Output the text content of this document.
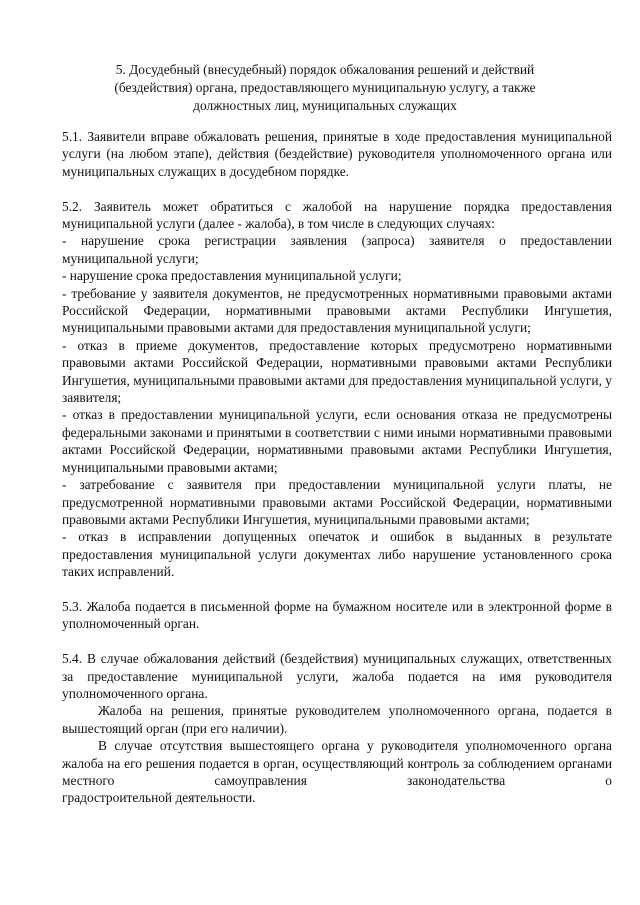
5. Досудебный (внесудебный) порядок обжалования решений и действий
(бездействия) органа, предоставляющего муниципальную услугу, а также
должностных лиц, муниципальных служащих

5.1. Заявители вправе обжаловать решения, принятые в ходе предоставления муниципальной услуги (на любом этапе), действия (бездействие) руководителя уполномоченного органа или муниципальных служащих в досудебном порядке.

5.2. Заявитель может обратиться с жалобой на нарушение порядка предоставления муниципальной услуги (далее - жалоба), в том числе в следующих случаях:

- нарушение срока регистрации заявления (запроса) заявителя о предоставлении муниципальной услуги;

- нарушение срока предоставления муниципальной услуги;

- требование у заявителя документов, не предусмотренных нормативными правовыми актами Российской Федерации, нормативными правовыми актами Республики Ингушетия, муниципальными правовыми актами для предоставления муниципальной услуги;

- отказ в приеме документов, предоставление которых предусмотрено нормативными правовыми актами Российской Федерации, нормативными правовыми актами Республики Ингушетия, муниципальными правовыми актами для предоставления муниципальной услуги, у заявителя;

- отказ в предоставлении муниципальной услуги, если основания отказа не предусмотрены федеральными законами и принятыми в соответствии с ними иными нормативными правовыми актами Российской Федерации, нормативными правовыми актами Республики Ингушетия, муниципальными правовыми актами;

- затребование с заявителя при предоставлении муниципальной услуги платы, не предусмотренной нормативными правовыми актами Российской Федерации, нормативными правовыми актами Республики Ингушетия, муниципальными правовыми актами;

- отказ в исправлении допущенных опечаток и ошибок в выданных в результате предоставления муниципальной услуги документах либо нарушение установленного срока таких исправлений.

5.3. Жалоба подается в письменной форме на бумажном носителе или в электронной форме в уполномоченный орган.

5.4. В случае обжалования действий (бездействия) муниципальных служащих, ответственных за предоставление муниципальной услуги, жалоба подается на имя руководителя уполномоченного органа.

Жалоба на решения, принятые руководителем уполномоченного органа, подается в вышестоящий орган (при его наличии).

В случае отсутствия вышестоящего органа у руководителя уполномоченного органа жалоба на его решения подается в орган, осуществляющий контроль за соблюдением органами местного самоуправления законодательства о

градостроительной деятельности.
